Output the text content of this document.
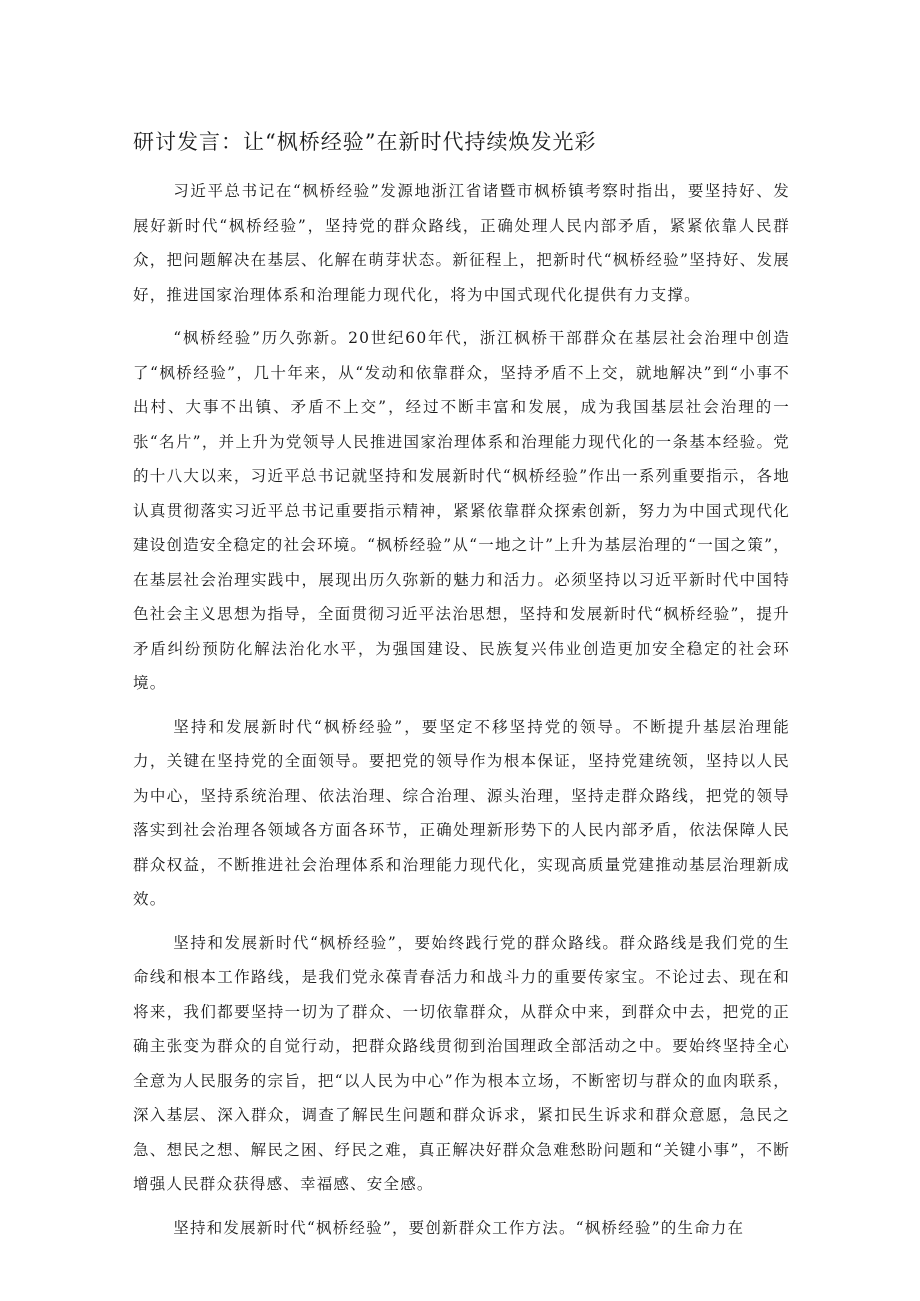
研讨发言：让“枫桥经验”在新时代持续焕发光彩

习近平总书记在“枫桥经验”发源地浙江省诸暨市枫桥镇考察时指出，要坚持好、发展好新时代“枫桥经验”，坚持党的群众路线，正确处理人民内部矛盾，紧紧依靠人民群众，把问题解决在基层、化解在萌芽状态。新征程上，把新时代“枫桥经验”坚持好、发展好，推进国家治理体系和治理能力现代化，将为中国式现代化提供有力支撑。

“枫桥经验”历久弥新。20世纪60年代，浙江枫桥干部群众在基层社会治理中创造了“枫桥经验”，几十年来，从“发动和依靠群众，坚持矛盾不上交，就地解决”到“小事不出村、大事不出镇、矛盾不上交”，经过不断丰富和发展，成为我国基层社会治理的一张“名片”，并上升为党领导人民推进国家治理体系和治理能力现代化的一条基本经验。党的十八大以来，习近平总书记就坚持和发展新时代“枫桥经验”作出一系列重要指示，各地认真贯彻落实习近平总书记重要指示精神，紧紧依靠群众探索创新，努力为中国式现代化建设创造安全稳定的社会环境。“枫桥经验”从“一地之计”上升为基层治理的“一国之策”，在基层社会治理实践中，展现出历久弥新的魅力和活力。必须坚持以习近平新时代中国特色社会主义思想为指导，全面贯彻习近平法治思想，坚持和发展新时代“枫桥经验”，提升矛盾纠纷预防化解法治化水平，为强国建设、民族复兴伟业创造更加安全稳定的社会环境。

坚持和发展新时代“枫桥经验”，要坚定不移坚持党的领导。不断提升基层治理能力，关键在坚持党的全面领导。要把党的领导作为根本保证，坚持党建统领，坚持以人民为中心，坚持系统治理、依法治理、综合治理、源头治理，坚持走群众路线，把党的领导落实到社会治理各领域各方面各环节，正确处理新形势下的人民内部矛盾，依法保障人民群众权益，不断推进社会治理体系和治理能力现代化，实现高质量党建推动基层治理新成效。

坚持和发展新时代“枫桥经验”，要始终践行党的群众路线。群众路线是我们党的生命线和根本工作路线，是我们党永葆青春活力和战斗力的重要传家宝。不论过去、现在和将来，我们都要坚持一切为了群众、一切依靠群众，从群众中来，到群众中去，把党的正确主张变为群众的自觉行动，把群众路线贯彻到治国理政全部活动之中。要始终坚持全心全意为人民服务的宗旨，把“以人民为中心”作为根本立场，不断密切与群众的血肉联系，深入基层、深入群众，调查了解民生问题和群众诉求，紧扣民生诉求和群众意愿，急民之急、想民之想、解民之困、纾民之难，真正解决好群众急难愁盼问题和“关键小事”，不断增强人民群众获得感、幸福感、安全感。

坚持和发展新时代“枫桥经验”，要创新群众工作方法。“枫桥经验”的生命力在
